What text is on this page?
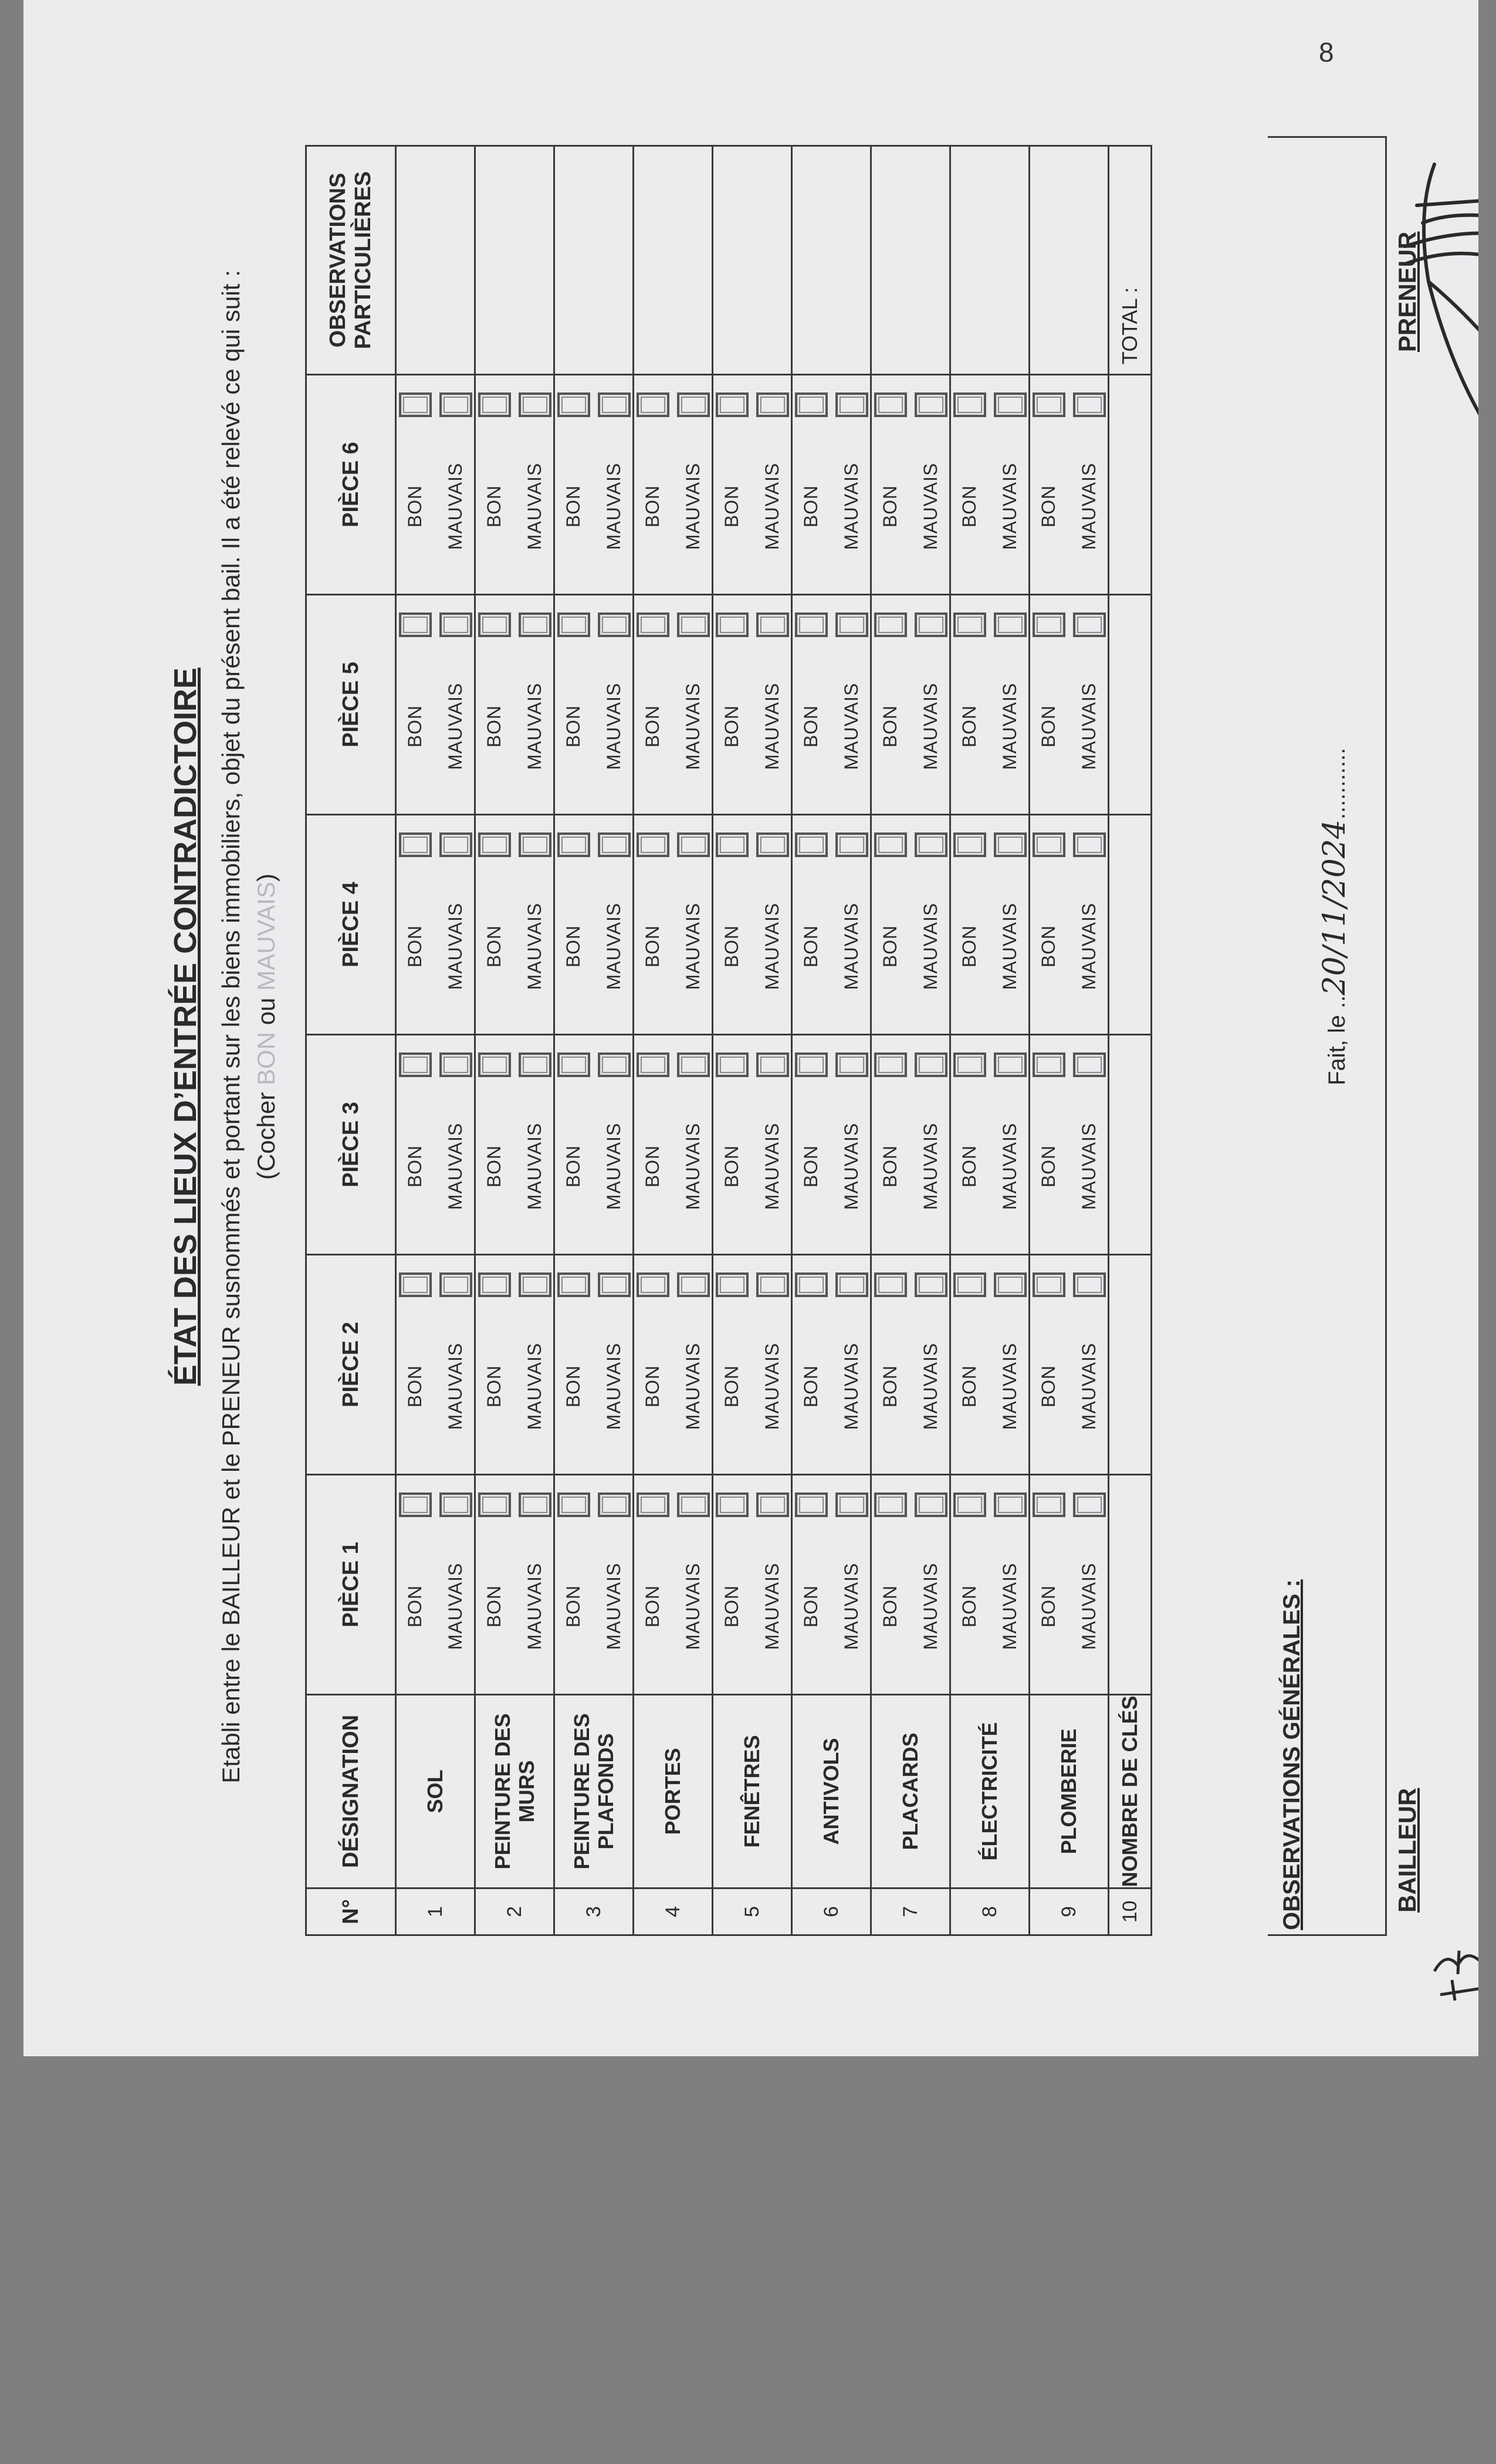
8
ÉTAT DES LIEUX D’ENTRÉE CONTRADICTOIRE Etabli entre le BAILLEUR et le PRENEUR susnommés et portant sur les biens immobiliers, objet du présent bail. Il a été relevé ce qui suit : (Cocher BON ou MAUVAIS)
N°	DÉSIGNATION	PIÈCE 1	PIÈCE 2	PIÈCE 3	PIÈCE 4	PIÈCE 5	PIÈCE 6	OBSERVATIONS PARTICULIÈRES
1	SOL	BON MAUVAIS	BON MAUVAIS	BON MAUVAIS	BON MAUVAIS	BON MAUVAIS	BON MAUVAIS	

2	PEINTURE DES MURS	BON MAUVAIS	BON MAUVAIS	BON MAUVAIS	BON MAUVAIS	BON MAUVAIS	BON MAUVAIS	

3	PEINTURE DES PLAFONDS	BON MAUVAIS	BON MAUVAIS	BON MAUVAIS	BON MAUVAIS	BON MAUVAIS	BON MAUVAIS	

4	PORTES	BON MAUVAIS	BON MAUVAIS	BON MAUVAIS	BON MAUVAIS	BON MAUVAIS	BON MAUVAIS	

5	FENÊTRES	BON MAUVAIS	BON MAUVAIS	BON MAUVAIS	BON MAUVAIS	BON MAUVAIS	BON MAUVAIS	

6	ANTIVOLS	BON MAUVAIS	BON MAUVAIS	BON MAUVAIS	BON MAUVAIS	BON MAUVAIS	BON MAUVAIS	

7	PLACARDS	BON MAUVAIS	BON MAUVAIS	BON MAUVAIS	BON MAUVAIS	BON MAUVAIS	BON MAUVAIS	

8	ÉLECTRICITÉ	BON MAUVAIS	BON MAUVAIS	BON MAUVAIS	BON MAUVAIS	BON MAUVAIS	BON MAUVAIS	

9	PLOMBERIE	BON MAUVAIS	BON MAUVAIS	BON MAUVAIS	BON MAUVAIS	BON MAUVAIS	BON MAUVAIS	

10	NOMBRE DE CLÉS							TOTAL :
OBSERVATIONS GÉNÉRALES :
Fait, le ..20/11/2024...........
BAILLEUR
PRENEUR
